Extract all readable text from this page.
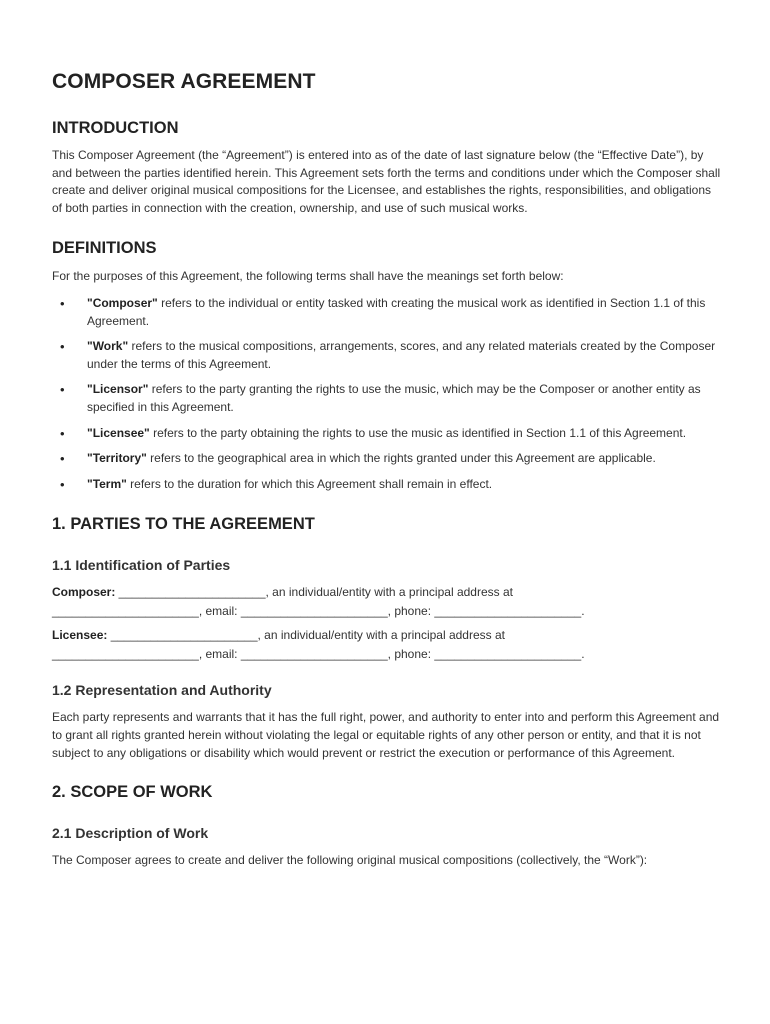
COMPOSER AGREEMENT
INTRODUCTION

This Composer Agreement (the “Agreement”) is entered into as of the date of last signature below (the “Effective Date”), by and between the parties identified herein. This Agreement sets forth the terms and conditions under which the Composer shall create and deliver original musical compositions for the Licensee, and establishes the rights, responsibilities, and obligations of both parties in connection with the creation, ownership, and use of such musical works.

DEFINITIONS

For the purposes of this Agreement, the following terms shall have the meanings set forth below:

• "Composer" refers to the individual or entity tasked with creating the musical work as identified in Section 1.1 of this Agreement.
• "Work" refers to the musical compositions, arrangements, scores, and any related materials created by the Composer under the terms of this Agreement.
• "Licensor" refers to the party granting the rights to use the music, which may be the Composer or another entity as specified in this Agreement.
• "Licensee" refers to the party obtaining the rights to use the music as identified in Section 1.1 of this Agreement.
• "Territory" refers to the geographical area in which the rights granted under this Agreement are applicable.
• "Term" refers to the duration for which this Agreement shall remain in effect.
1. PARTIES TO THE AGREEMENT
1.1 Identification of Parties
Composer: ______________________, an individual/entity with a principal address at
______________________, email: ______________________, phone: ______________________.
Licensee: ______________________, an individual/entity with a principal address at
______________________, email: ______________________, phone: ______________________.
1.2 Representation and Authority

Each party represents and warrants that it has the full right, power, and authority to enter into and perform this Agreement and to grant all rights granted herein without violating the legal or equitable rights of any other person or entity, and that it is not subject to any obligations or disability which would prevent or restrict the execution or performance of this Agreement.

2. SCOPE OF WORK
2.1 Description of Work

The Composer agrees to create and deliver the following original musical compositions (collectively, the “Work”):
